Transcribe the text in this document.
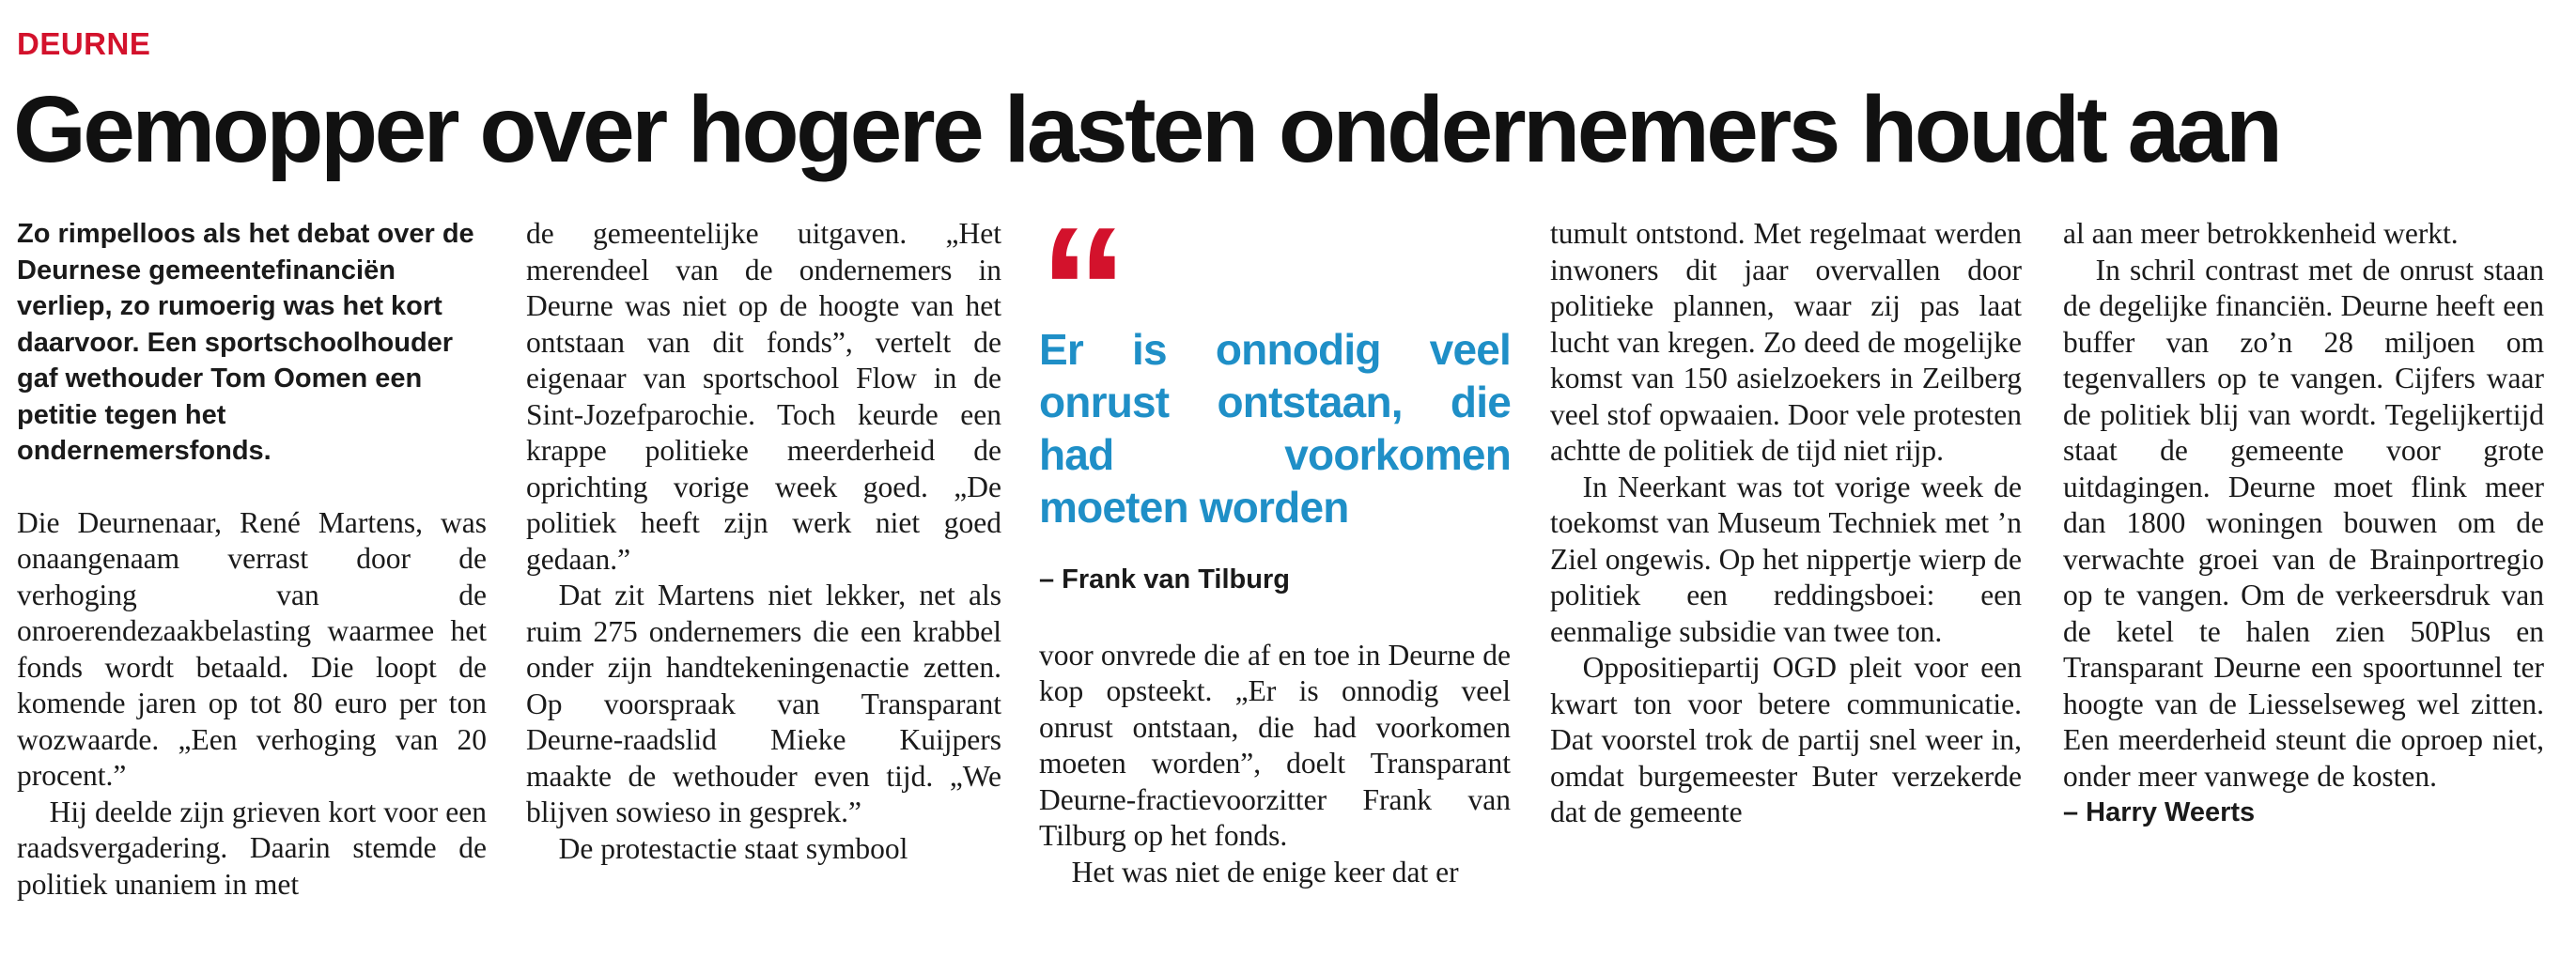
DEURNE
Gemopper over hogere lasten ondernemers houdt aan
Zo rimpelloos als het debat over de Deurnese gemeentefinanciën verliep, zo rumoerig was het kort daarvoor. Een sportschoolhouder gaf wethouder Tom Oomen een petitie tegen het ondernemersfonds.

Die Deurnenaar, René Martens, was onaangenaam verrast door de verhoging van de onroerendezaakbelasting waarmee het fonds wordt betaald. Die loopt de komende jaren op tot 80 euro per ton wozwaarde. „Een verhoging van 20 procent.”

Hij deelde zijn grieven kort voor een raadsvergadering. Daarin stemde de politiek unaniem in met

de gemeentelijke uitgaven. „Het merendeel van de ondernemers in Deurne was niet op de hoogte van het ontstaan van dit fonds”, vertelt de eigenaar van sportschool Flow in de Sint-Jozefparochie. Toch keurde een krappe politieke meerderheid de oprichting vorige week goed. „De politiek heeft zijn werk niet goed gedaan.”

Dat zit Martens niet lekker, net als ruim 275 ondernemers die een krabbel onder zijn handtekeningenactie zetten. Op voorspraak van Transparant Deurne-raadslid Mieke Kuijpers maakte de wethouder even tijd. „We blijven sowieso in gesprek.”

De protestactie staat symbool

“
Er is onnodig veel onrust ontstaan, die had voorkomen moeten worden
– Frank van Tilburg

voor onvrede die af en toe in Deurne de kop opsteekt. „Er is onnodig veel onrust ontstaan, die had voorkomen moeten worden”, doelt Transparant Deurne-fractievoorzitter Frank van Tilburg op het fonds.

Het was niet de enige keer dat er

tumult ontstond. Met regelmaat werden inwoners dit jaar overvallen door politieke plannen, waar zij pas laat lucht van kregen. Zo deed de mogelijke komst van 150 asielzoekers in Zeilberg veel stof opwaaien. Door vele protesten achtte de politiek de tijd niet rijp.

In Neerkant was tot vorige week de toekomst van Museum Techniek met ’n Ziel ongewis. Op het nippertje wierp de politiek een reddingsboei: een eenmalige subsidie van twee ton.

Oppositiepartij OGD pleit voor een kwart ton voor betere communicatie. Dat voorstel trok de partij snel weer in, omdat burgemeester Buter verzekerde dat de gemeente

al aan meer betrokkenheid werkt.

In schril contrast met de onrust staan de degelijke financiën. Deurne heeft een buffer van zo’n 28 miljoen om tegenvallers op te vangen. Cijfers waar de politiek blij van wordt. Tegelijkertijd staat de gemeente voor grote uitdagingen. Deurne moet flink meer dan 1800 woningen bouwen om de verwachte groei van de Brainportregio op te vangen. Om de verkeersdruk van de ketel te halen zien 50Plus en Transparant Deurne een spoortunnel ter hoogte van de Liesselseweg wel zitten. Een meerderheid steunt die oproep niet, onder meer vanwege de kosten.

– Harry Weerts
